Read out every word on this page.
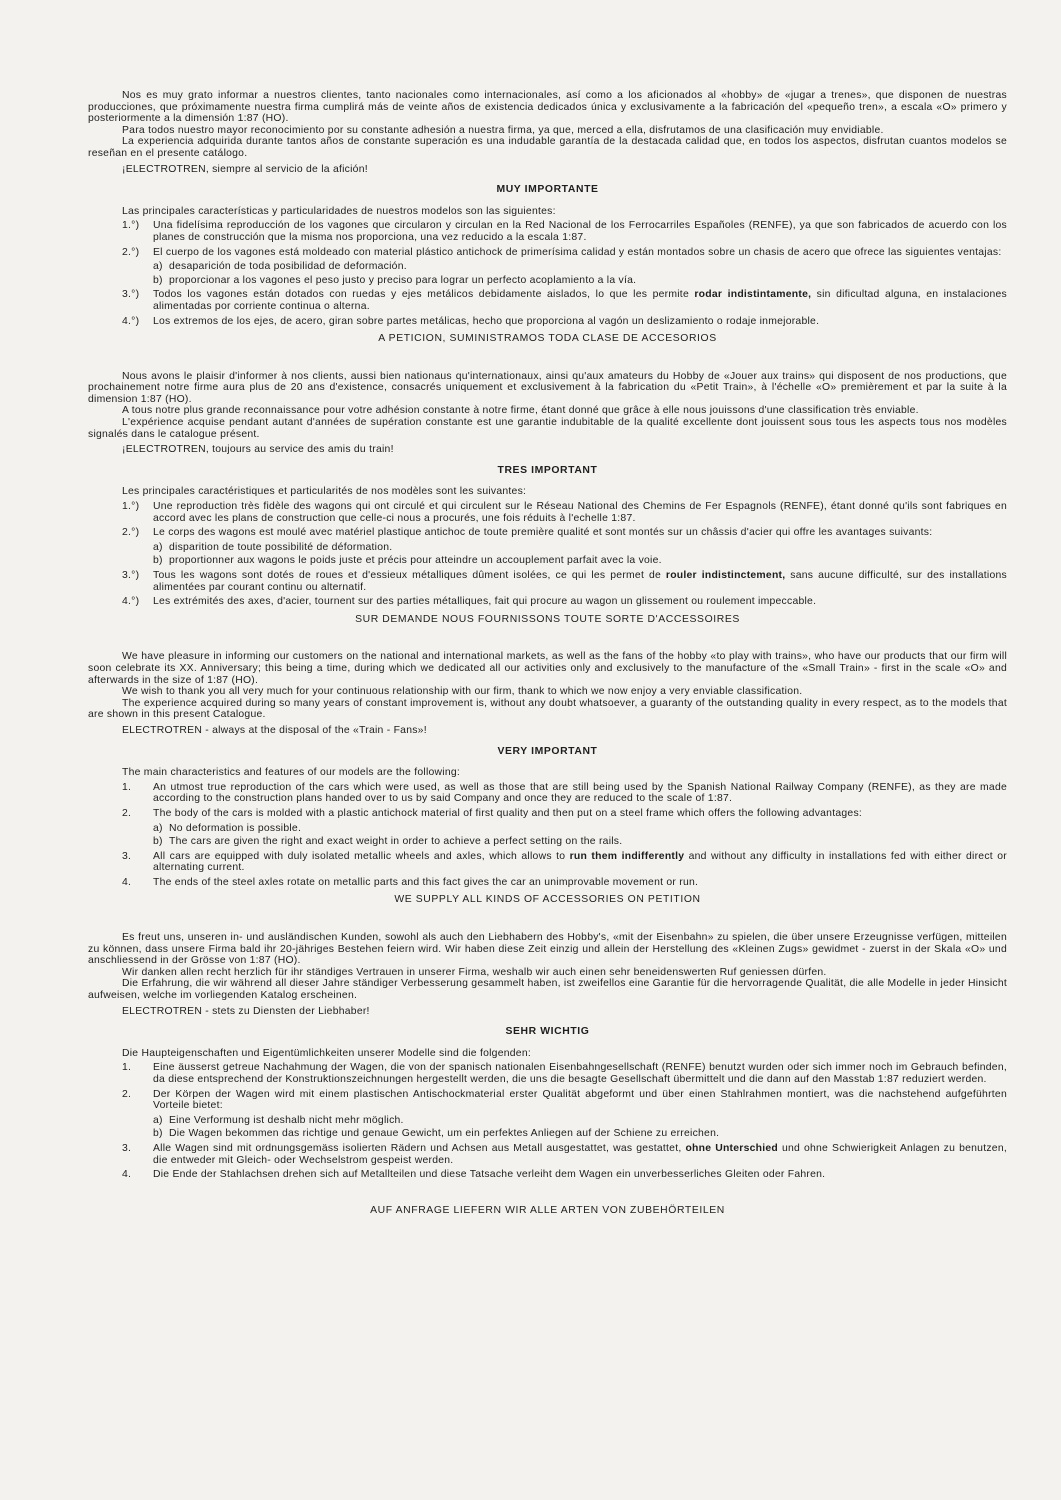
Nos es muy grato informar a nuestros clientes, tanto nacionales como internacionales, así como a los aficionados al «hobby» de «jugar a trenes», que disponen de nuestras producciones, que próximamente nuestra firma cumplirá más de veinte años de existencia dedicados única y exclusivamente a la fabricación del «pequeño tren», a escala «O» primero y posteriormente a la dimensión 1:87 (HO).

Para todos nuestro mayor reconocimiento por su constante adhesión a nuestra firma, ya que, merced a ella, disfrutamos de una clasificación muy envidiable.

La experiencia adquirida durante tantos años de constante superación es una indudable garantía de la destacada calidad que, en todos los aspectos, disfrutan cuantos modelos se reseñan en el presente catálogo.

¡ELECTROTREN, siempre al servicio de la afición!
MUY IMPORTANTE
Las principales características y particularidades de nuestros modelos son las siguientes:
1.°)	Una fidelísima reproducción de los vagones que circularon y circulan en la Red Nacional de los Ferrocarriles Españoles (RENFE), ya que son fabricados de acuerdo con los planes de construcción que la misma nos proporciona, una vez reducido a la escala 1:87.
2.°)	El cuerpo de los vagones está moldeado con material plástico antichock de primerísima calidad y están montados sobre un chasis de acero que ofrece las siguientes ventajas:
a) desaparición de toda posibilidad de deformación.
b) proporcionar a los vagones el peso justo y preciso para lograr un perfecto acoplamiento a la vía.
3.°)	Todos los vagones están dotados con ruedas y ejes metálicos debidamente aislados, lo que les permite rodar indistintamente, sin dificultad alguna, en instalaciones alimentadas por corriente continua o alterna.
4.°)	Los extremos de los ejes, de acero, giran sobre partes metálicas, hecho que proporciona al vagón un deslizamiento o rodaje inmejorable.
A PETICION, SUMINISTRAMOS TODA CLASE DE ACCESORIOS

Nous avons le plaisir d'informer à nos clients, aussi bien nationaus qu'internationaux, ainsi qu'aux amateurs du Hobby de «Jouer aux trains» qui disposent de nos productions, que prochainement notre firme aura plus de 20 ans d'existence, consacrés uniquement et exclusivement à la fabrication du «Petit Train», à l'échelle «O» premièrement et par la suite à la dimension 1:87 (HO).

A tous notre plus grande reconnaissance pour votre adhésion constante à notre firme, étant donné que grâce à elle nous jouissons d'une classification très enviable.

L'expérience acquise pendant autant d'années de supération constante est une garantie indubitable de la qualité excellente dont jouissent sous tous les aspects tous nos modèles signalés dans le catalogue présent.

¡ELECTROTREN, toujours au service des amis du train!
TRES IMPORTANT
Les principales caractéristiques et particularités de nos modèles sont les suivantes:
1.°)	Une reproduction très fidèle des wagons qui ont circulé et qui circulent sur le Réseau National des Chemins de Fer Espagnols (RENFE), étant donné qu'ils sont fabriques en accord avec les plans de construction que celle-ci nous a procurés, une fois réduits à l'echelle 1:87.
2.°)	Le corps des wagons est moulé avec matériel plastique antichoc de toute première qualité et sont montés sur un châssis d'acier qui offre les avantages suivants:
a) disparition de toute possibilité de déformation.
b) proportionner aux wagons le poids juste et précis pour atteindre un accouplement parfait avec la voie.
3.°)	Tous les wagons sont dotés de roues et d'essieux métalliques dûment isolées, ce qui les permet de rouler indistinctement, sans aucune difficulté, sur des installations alimentées par courant continu ou alternatif.
4.°)	Les extrémités des axes, d'acier, tournent sur des parties métalliques, fait qui procure au wagon un glissement ou roulement impeccable.
SUR DEMANDE NOUS FOURNISSONS TOUTE SORTE D'ACCESSOIRES

We have pleasure in informing our customers on the national and international markets, as well as the fans of the hobby «to play with trains», who have our products that our firm will soon celebrate its XX. Anniversary; this being a time, during which we dedicated all our activities only and exclusively to the manufacture of the «Small Train» - first in the scale «O» and afterwards in the size of 1:87 (HO).

We wish to thank you all very much for your continuous relationship with our firm, thank to which we now enjoy a very enviable classification.

The experience acquired during so many years of constant improvement is, without any doubt whatsoever, a guaranty of the outstanding quality in every respect, as to the models that are shown in this present Catalogue.

ELECTROTREN - always at the disposal of the «Train - Fans»!
VERY IMPORTANT
The main characteristics and features of our models are the following:
1.	An utmost true reproduction of the cars which were used, as well as those that are still being used by the Spanish National Railway Company (RENFE), as they are made according to the construction plans handed over to us by said Company and once they are reduced to the scale of 1:87.
2.	The body of the cars is molded with a plastic antichock material of first quality and then put on a steel frame which offers the following advantages:
a) No deformation is possible.
b) The cars are given the right and exact weight in order to achieve a perfect setting on the rails.
3.	All cars are equipped with duly isolated metallic wheels and axles, which allows to run them indifferently and without any difficulty in installations fed with either direct or alternating current.
4.	The ends of the steel axles rotate on metallic parts and this fact gives the car an unimprovable movement or run.
WE SUPPLY ALL KINDS OF ACCESSORIES ON PETITION

Es freut uns, unseren in- und ausländischen Kunden, sowohl als auch den Liebhabern des Hobby's, «mit der Eisenbahn» zu spielen, die über unsere Erzeugnisse verfügen, mitteilen zu können, dass unsere Firma bald ihr 20-jähriges Bestehen feiern wird. Wir haben diese Zeit einzig und allein der Herstellung des «Kleinen Zugs» gewidmet - zuerst in der Skala «O» und anschliessend in der Grösse von 1:87 (HO).

Wir danken allen recht herzlich für ihr ständiges Vertrauen in unserer Firma, weshalb wir auch einen sehr beneidenswerten Ruf geniessen dürfen.

Die Erfahrung, die wir während all dieser Jahre ständiger Verbesserung gesammelt haben, ist zweifellos eine Garantie für die hervorragende Qualität, die alle Modelle in jeder Hinsicht aufweisen, welche im vorliegenden Katalog erscheinen.

ELECTROTREN - stets zu Diensten der Liebhaber!
SEHR WICHTIG
Die Haupteigenschaften und Eigentümlichkeiten unserer Modelle sind die folgenden:
1.	Eine äusserst getreue Nachahmung der Wagen, die von der spanisch nationalen Eisenbahngesellschaft (RENFE) benutzt wurden oder sich immer noch im Gebrauch befinden, da diese entsprechend der Konstruktionszeichnungen hergestellt werden, die uns die besagte Gesellschaft übermittelt und die dann auf den Masstab 1:87 reduziert werden.
2.	Der Körpen der Wagen wird mit einem plastischen Antischockmaterial erster Qualität abgeformt und über einen Stahlrahmen montiert, was die nachstehend aufgeführten Vorteile bietet:
a) Eine Verformung ist deshalb nicht mehr möglich.
b) Die Wagen bekommen das richtige und genaue Gewicht, um ein perfektes Anliegen auf der Schiene zu erreichen.
3.	Alle Wagen sind mit ordnungsgemäss isolierten Rädern und Achsen aus Metall ausgestattet, was gestattet, ohne Unterschied und ohne Schwierigkeit Anlagen zu benutzen, die entweder mit Gleich- oder Wechselstrom gespeist werden.
4.	Die Ende der Stahlachsen drehen sich auf Metallteilen und diese Tatsache verleiht dem Wagen ein unverbesserliches Gleiten oder Fahren.
AUF ANFRAGE LIEFERN WIR ALLE ARTEN VON ZUBEHÖRTEILEN
